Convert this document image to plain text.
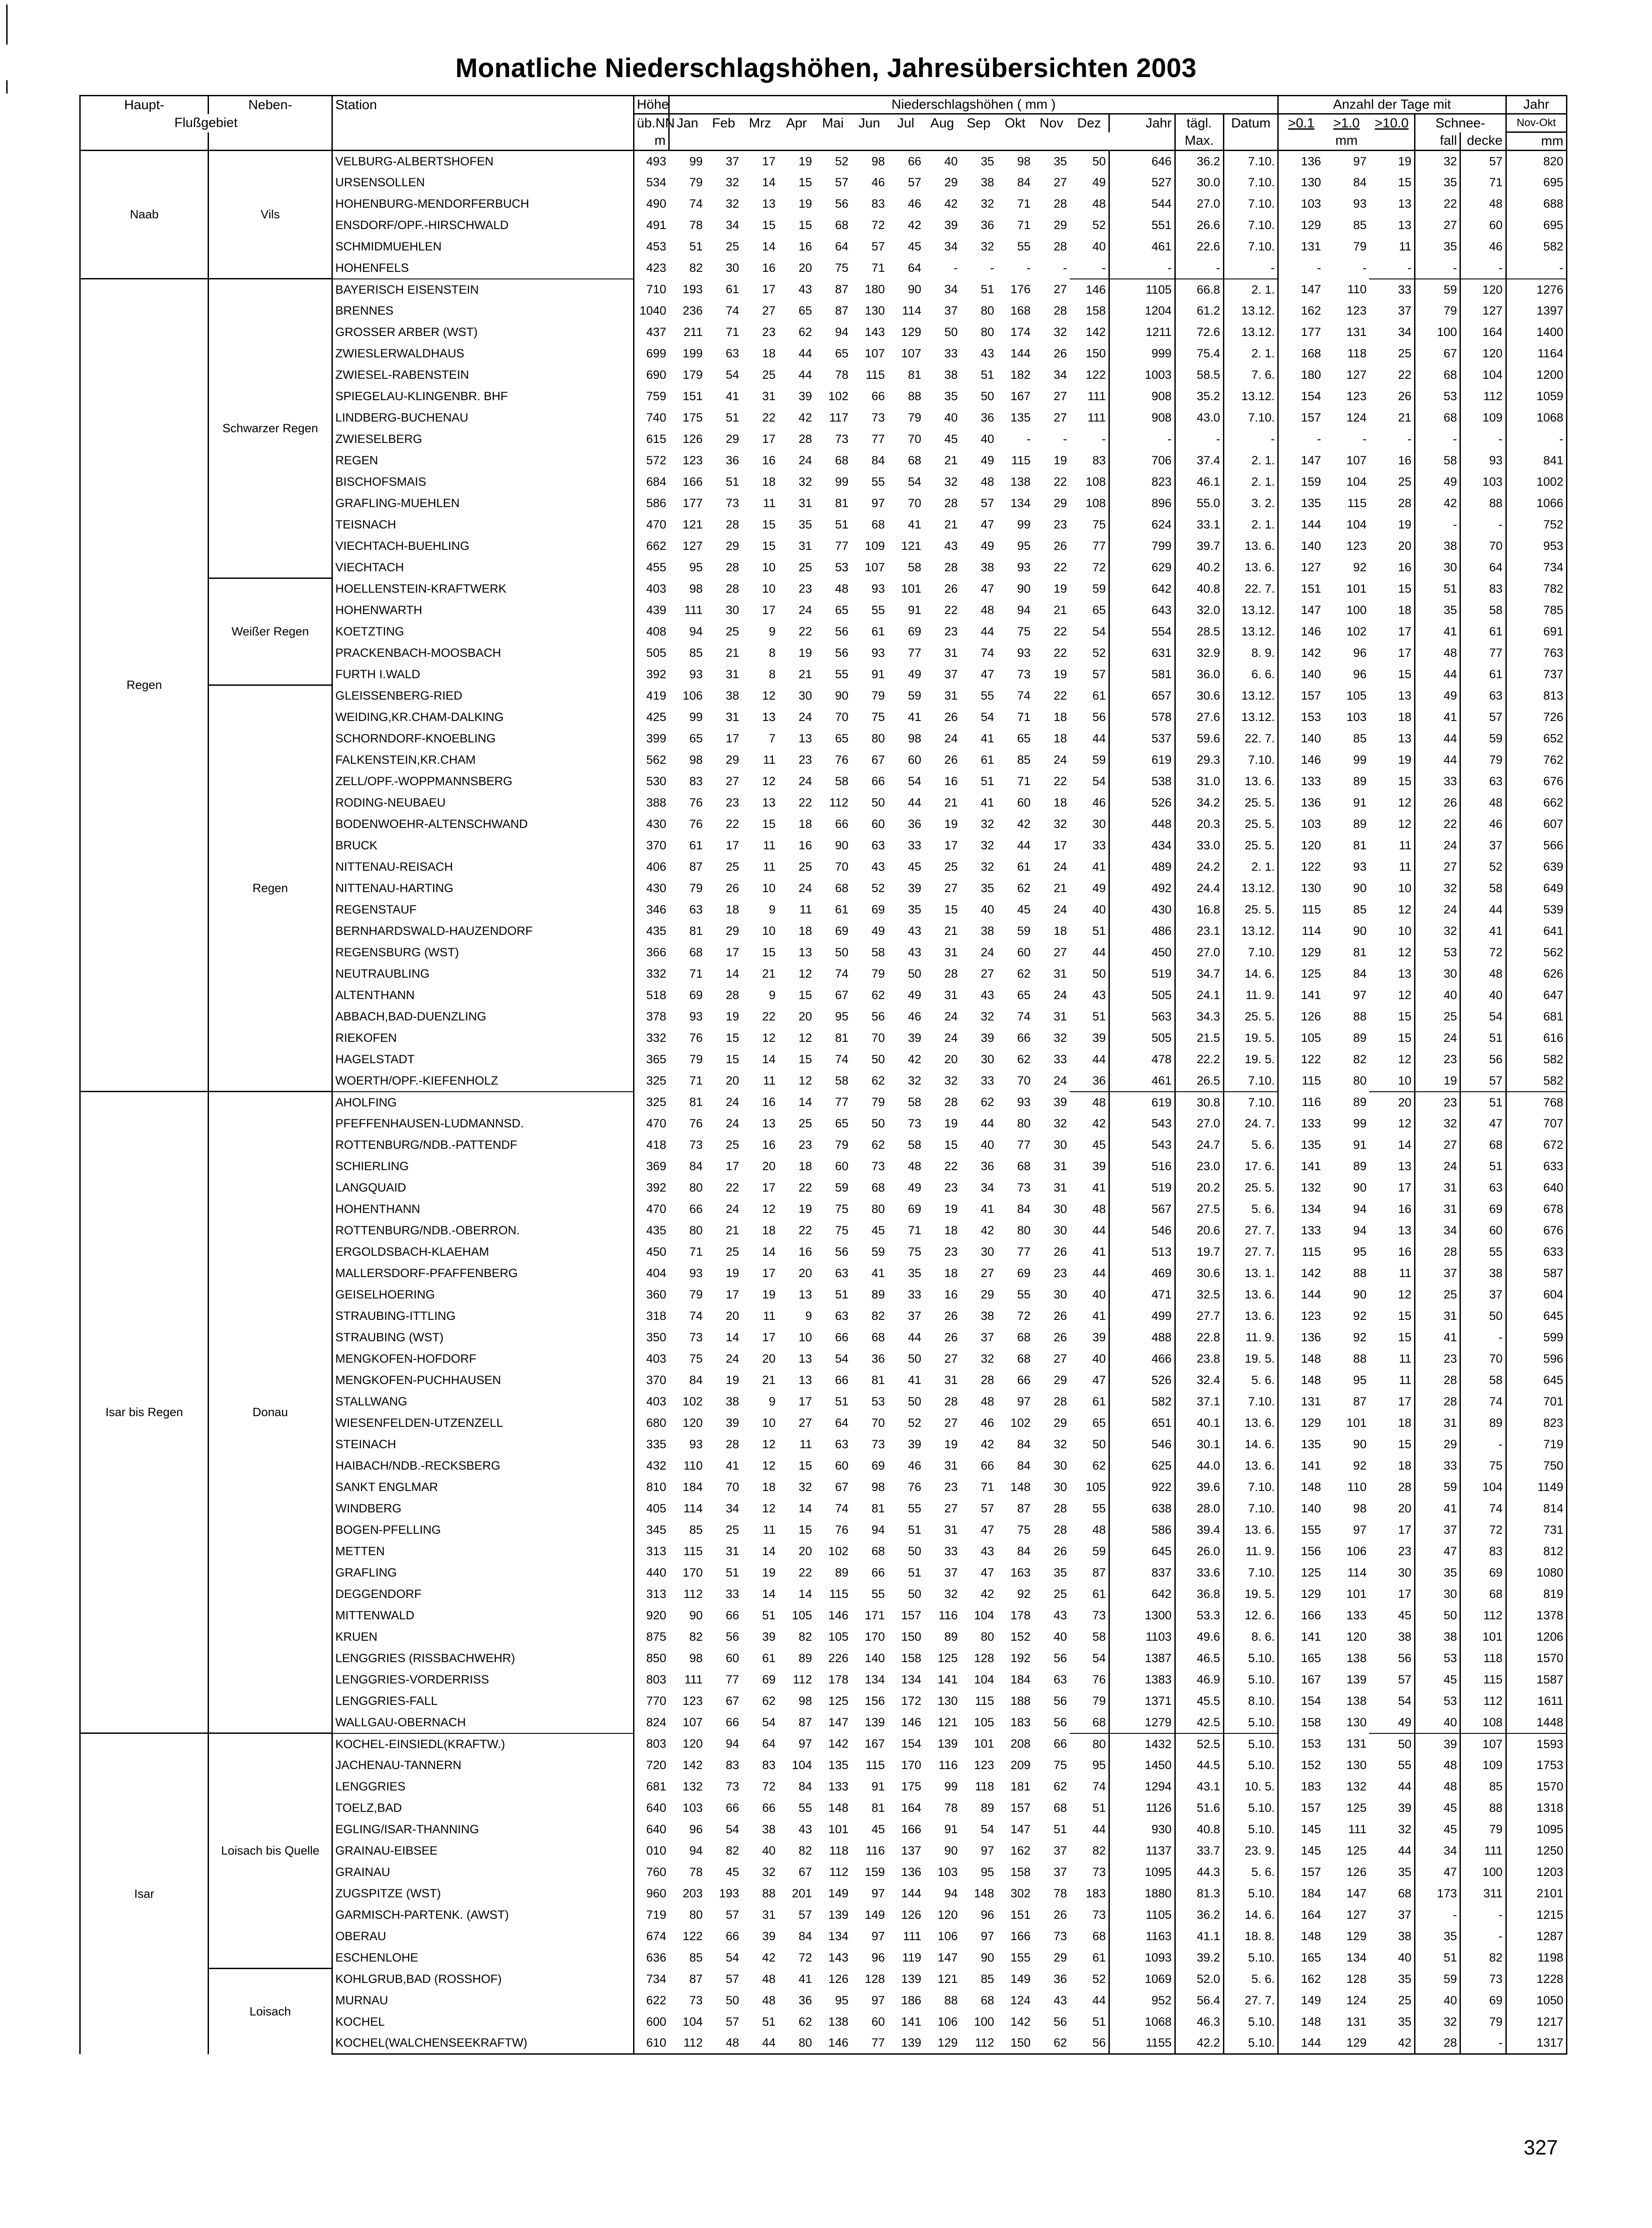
Monatliche Niederschlagshöhen, Jahresübersichten 2003
Haupt-	Neben-	Station	Höhe	Niederschlagshöhen ( mm )															Anzahl der Tage mit					Jahr
Flußgebiet			üb.NN	Jan	Feb	Mrz	Apr	Mai	Jun	Jul	Aug	Sep	Okt	Nov	Dez	Jahr	tägl.	Datum	>0.1	>1.0	>10.0	Schnee-		Nov-Okt
			m														Max.		mm			fall	decke	mm
Naab	Vils	VELBURG-ALBERTSHOFEN	493	99	37	17	19	52	98	66	40	35	98	35	50	646	36.2	7.10.	136	97	19	32	57	820
		URSENSOLLEN	534	79	32	14	15	57	46	57	29	38	84	27	49	527	30.0	7.10.	130	84	15	35	71	695
		HOHENBURG-MENDORFERBUCH	490	74	32	13	19	56	83	46	42	32	71	28	48	544	27.0	7.10.	103	93	13	22	48	688
		ENSDORF/OPF.-HIRSCHWALD	491	78	34	15	15	68	72	42	39	36	71	29	52	551	26.6	7.10.	129	85	13	27	60	695
		SCHMIDMUEHLEN	453	51	25	14	16	64	57	45	34	32	55	28	40	461	22.6	7.10.	131	79	11	35	46	582
		HOHENFELS	423	82	30	16	20	75	71	64	-	-	-	-	-	-	-	-	-	-	-	-	-	-
Regen	Schwarzer Regen	BAYERISCH EISENSTEIN	710	193	61	17	43	87	180	90	34	51	176	27	146	1105	66.8	2. 1.	147	110	33	59	120	1276
		BRENNES	1040	236	74	27	65	87	130	114	37	80	168	28	158	1204	61.2	13.12.	162	123	37	79	127	1397
		GROSSER ARBER (WST)	437	211	71	23	62	94	143	129	50	80	174	32	142	1211	72.6	13.12.	177	131	34	100	164	1400
		ZWIESLERWALDHAUS	699	199	63	18	44	65	107	107	33	43	144	26	150	999	75.4	2. 1.	168	118	25	67	120	1164
		ZWIESEL-RABENSTEIN	690	179	54	25	44	78	115	81	38	51	182	34	122	1003	58.5	7. 6.	180	127	22	68	104	1200
		SPIEGELAU-KLINGENBR. BHF	759	151	41	31	39	102	66	88	35	50	167	27	111	908	35.2	13.12.	154	123	26	53	112	1059
		LINDBERG-BUCHENAU	740	175	51	22	42	117	73	79	40	36	135	27	111	908	43.0	7.10.	157	124	21	68	109	1068
		ZWIESELBERG	615	126	29	17	28	73	77	70	45	40	-	-	-	-	-	-	-	-	-	-	-	-
		REGEN	572	123	36	16	24	68	84	68	21	49	115	19	83	706	37.4	2. 1.	147	107	16	58	93	841
		BISCHOFSMAIS	684	166	51	18	32	99	55	54	32	48	138	22	108	823	46.1	2. 1.	159	104	25	49	103	1002
		GRAFLING-MUEHLEN	586	177	73	11	31	81	97	70	28	57	134	29	108	896	55.0	3. 2.	135	115	28	42	88	1066
		TEISNACH	470	121	28	15	35	51	68	41	21	47	99	23	75	624	33.1	2. 1.	144	104	19	-	-	752
		VIECHTACH-BUEHLING	662	127	29	15	31	77	109	121	43	49	95	26	77	799	39.7	13. 6.	140	123	20	38	70	953
		VIECHTACH	455	95	28	10	25	53	107	58	28	38	93	22	72	629	40.2	13. 6.	127	92	16	30	64	734
	Weißer Regen	HOELLENSTEIN-KRAFTWERK	403	98	28	10	23	48	93	101	26	47	90	19	59	642	40.8	22. 7.	151	101	15	51	83	782
		HOHENWARTH	439	111	30	17	24	65	55	91	22	48	94	21	65	643	32.0	13.12.	147	100	18	35	58	785
		KOETZTING	408	94	25	9	22	56	61	69	23	44	75	22	54	554	28.5	13.12.	146	102	17	41	61	691
		PRACKENBACH-MOOSBACH	505	85	21	8	19	56	93	77	31	74	93	22	52	631	32.9	8. 9.	142	96	17	48	77	763
		FURTH I.WALD	392	93	31	8	21	55	91	49	37	47	73	19	57	581	36.0	6. 6.	140	96	15	44	61	737
	Regen	GLEISSENBERG-RIED	419	106	38	12	30	90	79	59	31	55	74	22	61	657	30.6	13.12.	157	105	13	49	63	813
		WEIDING,KR.CHAM-DALKING	425	99	31	13	24	70	75	41	26	54	71	18	56	578	27.6	13.12.	153	103	18	41	57	726
		SCHORNDORF-KNOEBLING	399	65	17	7	13	65	80	98	24	41	65	18	44	537	59.6	22. 7.	140	85	13	44	59	652
		FALKENSTEIN,KR.CHAM	562	98	29	11	23	76	67	60	26	61	85	24	59	619	29.3	7.10.	146	99	19	44	79	762
		ZELL/OPF.-WOPPMANNSBERG	530	83	27	12	24	58	66	54	16	51	71	22	54	538	31.0	13. 6.	133	89	15	33	63	676
		RODING-NEUBAEU	388	76	23	13	22	112	50	44	21	41	60	18	46	526	34.2	25. 5.	136	91	12	26	48	662
		BODENWOEHR-ALTENSCHWAND	430	76	22	15	18	66	60	36	19	32	42	32	30	448	20.3	25. 5.	103	89	12	22	46	607
		BRUCK	370	61	17	11	16	90	63	33	17	32	44	17	33	434	33.0	25. 5.	120	81	11	24	37	566
		NITTENAU-REISACH	406	87	25	11	25	70	43	45	25	32	61	24	41	489	24.2	2. 1.	122	93	11	27	52	639
		NITTENAU-HARTING	430	79	26	10	24	68	52	39	27	35	62	21	49	492	24.4	13.12.	130	90	10	32	58	649
		REGENSTAUF	346	63	18	9	11	61	69	35	15	40	45	24	40	430	16.8	25. 5.	115	85	12	24	44	539
		BERNHARDSWALD-HAUZENDORF	435	81	29	10	18	69	49	43	21	38	59	18	51	486	23.1	13.12.	114	90	10	32	41	641
		REGENSBURG (WST)	366	68	17	15	13	50	58	43	31	24	60	27	44	450	27.0	7.10.	129	81	12	53	72	562
		NEUTRAUBLING	332	71	14	21	12	74	79	50	28	27	62	31	50	519	34.7	14. 6.	125	84	13	30	48	626
		ALTENTHANN	518	69	28	9	15	67	62	49	31	43	65	24	43	505	24.1	11. 9.	141	97	12	40	40	647
		ABBACH,BAD-DUENZLING	378	93	19	22	20	95	56	46	24	32	74	31	51	563	34.3	25. 5.	126	88	15	25	54	681
		RIEKOFEN	332	76	15	12	12	81	70	39	24	39	66	32	39	505	21.5	19. 5.	105	89	15	24	51	616
		HAGELSTADT	365	79	15	14	15	74	50	42	20	30	62	33	44	478	22.2	19. 5.	122	82	12	23	56	582
		WOERTH/OPF.-KIEFENHOLZ	325	71	20	11	12	58	62	32	32	33	70	24	36	461	26.5	7.10.	115	80	10	19	57	582
Isar bis Regen	Donau	AHOLFING	325	81	24	16	14	77	79	58	28	62	93	39	48	619	30.8	7.10.	116	89	20	23	51	768
		PFEFFENHAUSEN-LUDMANNSD.	470	76	24	13	25	65	50	73	19	44	80	32	42	543	27.0	24. 7.	133	99	12	32	47	707
		ROTTENBURG/NDB.-PATTENDF	418	73	25	16	23	79	62	58	15	40	77	30	45	543	24.7	5. 6.	135	91	14	27	68	672
		SCHIERLING	369	84	17	20	18	60	73	48	22	36	68	31	39	516	23.0	17. 6.	141	89	13	24	51	633
		LANGQUAID	392	80	22	17	22	59	68	49	23	34	73	31	41	519	20.2	25. 5.	132	90	17	31	63	640
		HOHENTHANN	470	66	24	12	19	75	80	69	19	41	84	30	48	567	27.5	5. 6.	134	94	16	31	69	678
		ROTTENBURG/NDB.-OBERRON.	435	80	21	18	22	75	45	71	18	42	80	30	44	546	20.6	27. 7.	133	94	13	34	60	676
		ERGOLDSBACH-KLAEHAM	450	71	25	14	16	56	59	75	23	30	77	26	41	513	19.7	27. 7.	115	95	16	28	55	633
		MALLERSDORF-PFAFFENBERG	404	93	19	17	20	63	41	35	18	27	69	23	44	469	30.6	13. 1.	142	88	11	37	38	587
		GEISELHOERING	360	79	17	19	13	51	89	33	16	29	55	30	40	471	32.5	13. 6.	144	90	12	25	37	604
		STRAUBING-ITTLING	318	74	20	11	9	63	82	37	26	38	72	26	41	499	27.7	13. 6.	123	92	15	31	50	645
		STRAUBING (WST)	350	73	14	17	10	66	68	44	26	37	68	26	39	488	22.8	11. 9.	136	92	15	41	-	599
		MENGKOFEN-HOFDORF	403	75	24	20	13	54	36	50	27	32	68	27	40	466	23.8	19. 5.	148	88	11	23	70	596
		MENGKOFEN-PUCHHAUSEN	370	84	19	21	13	66	81	41	31	28	66	29	47	526	32.4	5. 6.	148	95	11	28	58	645
		STALLWANG	403	102	38	9	17	51	53	50	28	48	97	28	61	582	37.1	7.10.	131	87	17	28	74	701
		WIESENFELDEN-UTZENZELL	680	120	39	10	27	64	70	52	27	46	102	29	65	651	40.1	13. 6.	129	101	18	31	89	823
		STEINACH	335	93	28	12	11	63	73	39	19	42	84	32	50	546	30.1	14. 6.	135	90	15	29	-	719
		HAIBACH/NDB.-RECKSBERG	432	110	41	12	15	60	69	46	31	66	84	30	62	625	44.0	13. 6.	141	92	18	33	75	750
		SANKT ENGLMAR	810	184	70	18	32	67	98	76	23	71	148	30	105	922	39.6	7.10.	148	110	28	59	104	1149
		WINDBERG	405	114	34	12	14	74	81	55	27	57	87	28	55	638	28.0	7.10.	140	98	20	41	74	814
		BOGEN-PFELLING	345	85	25	11	15	76	94	51	31	47	75	28	48	586	39.4	13. 6.	155	97	17	37	72	731
		METTEN	313	115	31	14	20	102	68	50	33	43	84	26	59	645	26.0	11. 9.	156	106	23	47	83	812
		GRAFLING	440	170	51	19	22	89	66	51	37	47	163	35	87	837	33.6	7.10.	125	114	30	35	69	1080
		DEGGENDORF	313	112	33	14	14	115	55	50	32	42	92	25	61	642	36.8	19. 5.	129	101	17	30	68	819
		MITTENWALD	920	90	66	51	105	146	171	157	116	104	178	43	73	1300	53.3	12. 6.	166	133	45	50	112	1378
		KRUEN	875	82	56	39	82	105	170	150	89	80	152	40	58	1103	49.6	8. 6.	141	120	38	38	101	1206
		LENGGRIES (RISSBACHWEHR)	850	98	60	61	89	226	140	158	125	128	192	56	54	1387	46.5	5.10.	165	138	56	53	118	1570
		LENGGRIES-VORDERRISS	803	111	77	69	112	178	134	134	141	104	184	63	76	1383	46.9	5.10.	167	139	57	45	115	1587
		LENGGRIES-FALL	770	123	67	62	98	125	156	172	130	115	188	56	79	1371	45.5	8.10.	154	138	54	53	112	1611
		WALLGAU-OBERNACH	824	107	66	54	87	147	139	146	121	105	183	56	68	1279	42.5	5.10.	158	130	49	40	108	1448
Isar	Loisach bis Quelle	KOCHEL-EINSIEDL(KRAFTW.)	803	120	94	64	97	142	167	154	139	101	208	66	80	1432	52.5	5.10.	153	131	50	39	107	1593
		JACHENAU-TANNERN	720	142	83	83	104	135	115	170	116	123	209	75	95	1450	44.5	5.10.	152	130	55	48	109	1753
		LENGGRIES	681	132	73	72	84	133	91	175	99	118	181	62	74	1294	43.1	10. 5.	183	132	44	48	85	1570
		TOELZ,BAD	640	103	66	66	55	148	81	164	78	89	157	68	51	1126	51.6	5.10.	157	125	39	45	88	1318
		EGLING/ISAR-THANNING	640	96	54	38	43	101	45	166	91	54	147	51	44	930	40.8	5.10.	145	111	32	45	79	1095
		GRAINAU-EIBSEE	010	94	82	40	82	118	116	137	90	97	162	37	82	1137	33.7	23. 9.	145	125	44	34	111	1250
		GRAINAU	760	78	45	32	67	112	159	136	103	95	158	37	73	1095	44.3	5. 6.	157	126	35	47	100	1203
		ZUGSPITZE (WST)	960	203	193	88	201	149	97	144	94	148	302	78	183	1880	81.3	5.10.	184	147	68	173	311	2101
		GARMISCH-PARTENK. (AWST)	719	80	57	31	57	139	149	126	120	96	151	26	73	1105	36.2	14. 6.	164	127	37	-	-	1215
		OBERAU	674	122	66	39	84	134	97	111	106	97	166	73	68	1163	41.1	18. 8.	148	129	38	35	-	1287
		ESCHENLOHE	636	85	54	42	72	143	96	119	147	90	155	29	61	1093	39.2	5.10.	165	134	40	51	82	1198
	Loisach	KOHLGRUB,BAD (ROSSHOF)	734	87	57	48	41	126	128	139	121	85	149	36	52	1069	52.0	5. 6.	162	128	35	59	73	1228
		MURNAU	622	73	50	48	36	95	97	186	88	68	124	43	44	952	56.4	27. 7.	149	124	25	40	69	1050
		KOCHEL	600	104	57	51	62	138	60	141	106	100	142	56	51	1068	46.3	5.10.	148	131	35	32	79	1217
		KOCHEL(WALCHENSEEKRAFTW)	610	112	48	44	80	146	77	139	129	112	150	62	56	1155	42.2	5.10.	144	129	42	28	-	1317
327
